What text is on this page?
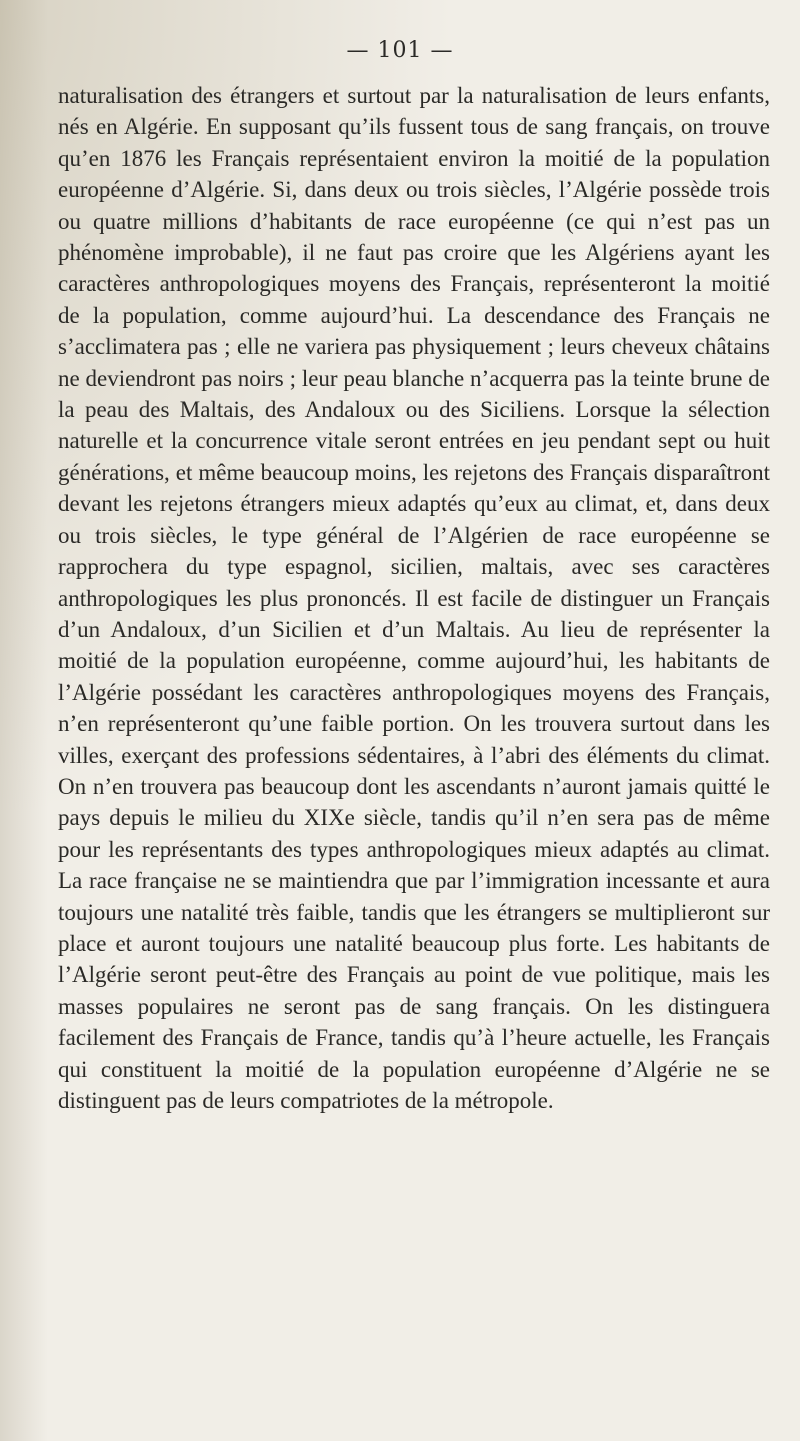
— 101 —

naturalisation des étrangers et surtout par la naturalisation de leurs enfants, nés en Algérie. En supposant qu’ils fussent tous de sang français, on trouve qu’en 1876 les Français représentaient environ la moitié de la population européenne d’Algérie. Si, dans deux ou trois siècles, l’Algérie possède trois ou quatre millions d’habitants de race européenne (ce qui n’est pas un phénomène improbable), il ne faut pas croire que les Algériens ayant les caractères anthropologiques moyens des Français, représenteront la moitié de la population, comme aujourd’hui. La descendance des Français ne s’acclimatera pas ; elle ne variera pas physiquement ; leurs cheveux châtains ne deviendront pas noirs ; leur peau blanche n’acquerra pas la teinte brune de la peau des Maltais, des Andaloux ou des Siciliens. Lorsque la sélection naturelle et la concurrence vitale seront entrées en jeu pendant sept ou huit générations, et même beaucoup moins, les rejetons des Français disparaîtront devant les rejetons étrangers mieux adaptés qu’eux au climat, et, dans deux ou trois siècles, le type général de l’Algérien de race européenne se rapprochera du type espagnol, sicilien, maltais, avec ses caractères anthropologiques les plus prononcés. Il est facile de distinguer un Français d’un Andaloux, d’un Sicilien et d’un Maltais. Au lieu de représenter la moitié de la population européenne, comme aujourd’hui, les habitants de l’Algérie possédant les caractères anthropologiques moyens des Français, n’en représenteront qu’une faible portion. On les trouvera surtout dans les villes, exerçant des professions sédentaires, à l’abri des éléments du climat. On n’en trouvera pas beaucoup dont les ascendants n’auront jamais quitté le pays depuis le milieu du XIXe siècle, tandis qu’il n’en sera pas de même pour les représentants des types anthropologiques mieux adaptés au climat. La race française ne se maintiendra que par l’immigration incessante et aura toujours une natalité très faible, tandis que les étrangers se multiplieront sur place et auront toujours une natalité beaucoup plus forte. Les habitants de l’Algérie seront peut-être des Français au point de vue politique, mais les masses populaires ne seront pas de sang français. On les distinguera facilement des Français de France, tandis qu’à l’heure actuelle, les Français qui constituent la moitié de la population européenne d’Algérie ne se distinguent pas de leurs compatriotes de la métropole.
